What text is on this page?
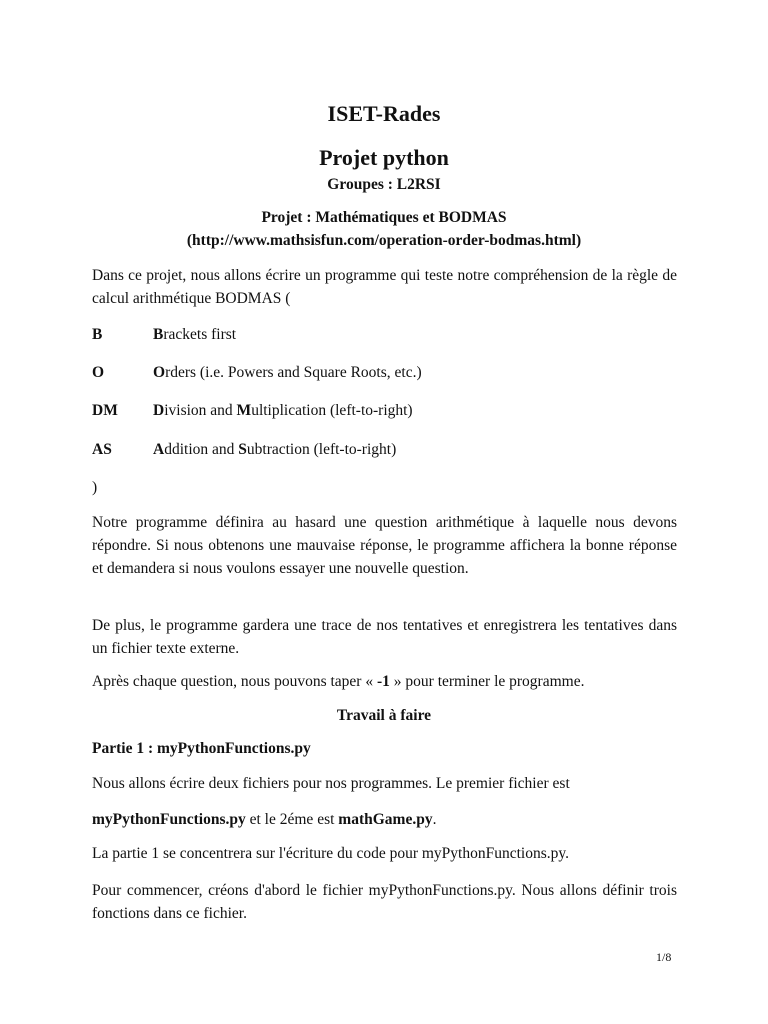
ISET-Rades

Projet python

Groupes : L2RSI

Projet : Mathématiques et BODMAS

(http://www.mathsisfun.com/operation-order-bodmas.html)

Dans ce projet, nous allons écrire un programme qui teste notre compréhension de la règle de calcul arithmétique BODMAS (

B	Brackets first

O	Orders (i.e. Powers and Square Roots, etc.)

DM Division and Multiplication (left-to-right)

AS	Addition and Subtraction (left-to-right)

)

Notre programme définira au hasard une question arithmétique à laquelle nous devons répondre. Si nous obtenons une mauvaise réponse, le programme affichera la bonne réponse et demandera si nous voulons essayer une nouvelle question.

De plus, le programme gardera une trace de nos tentatives et enregistrera les tentatives dans un fichier texte externe.

Après chaque question, nous pouvons taper « -1 » pour terminer le programme.

Travail à faire

Partie 1 : myPythonFunctions.py

Nous allons écrire deux fichiers pour nos programmes. Le premier fichier est

myPythonFunctions.py et le 2éme est mathGame.py.

La partie 1 se concentrera sur l'écriture du code pour myPythonFunctions.py.

Pour commencer, créons d'abord le fichier myPythonFunctions.py. Nous allons définir trois fonctions dans ce fichier.

1/8
